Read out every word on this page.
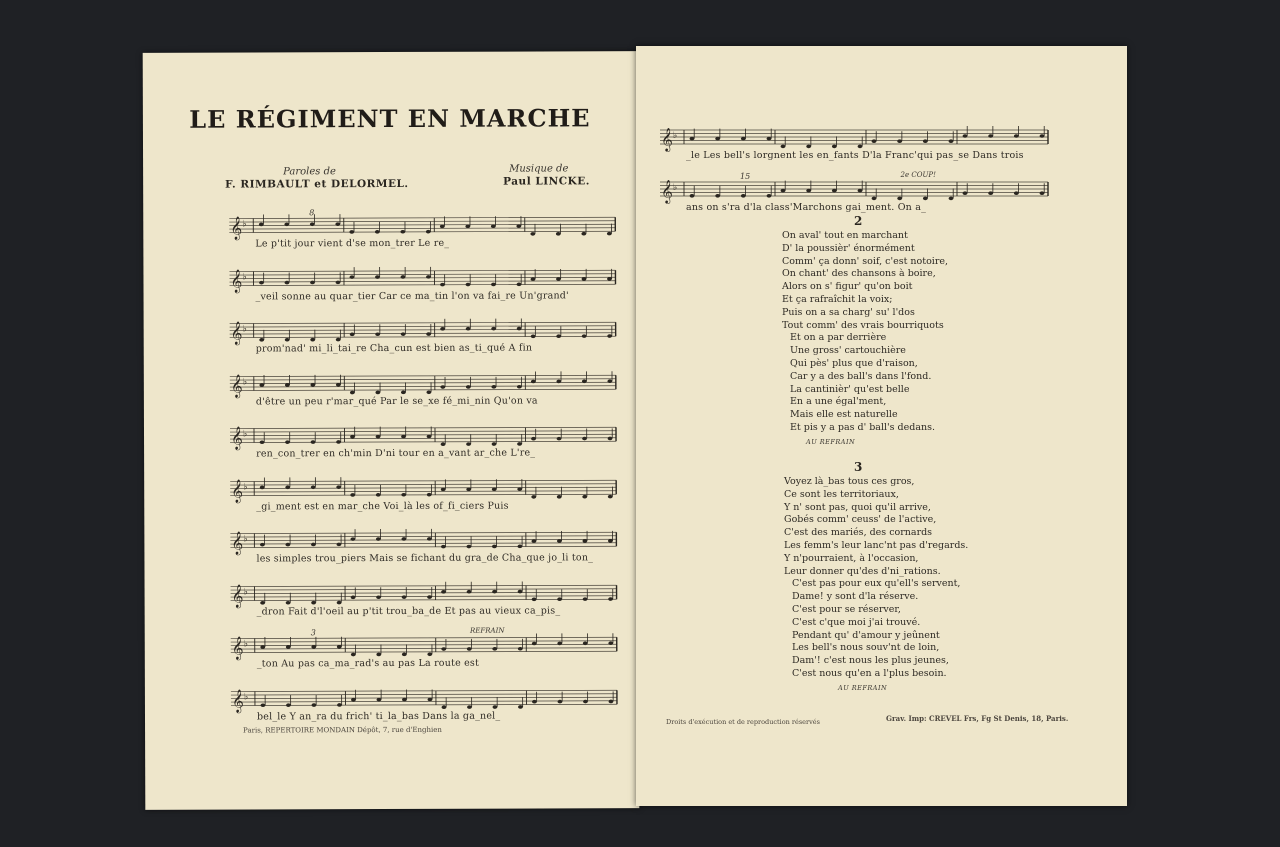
LE RÉGIMENT EN MARCHE
Paroles de
F. RIMBAULT et DELORMEL.
Musique de
Paul LINCKE.
𝄞 ♭
Le p'tit jour vient d'se mon_trer Le re_
8
𝄞 ♭
_veil sonne au quar_tier Car ce ma_tin l'on va fai_re Un'grand'
𝄞 ♭
prom'nad' mi_li_tai_re Cha_cun est bien as_ti_qué A fin
𝄞 ♭
d'être un peu r'mar_qué Par le se_xe fé_mi_nin Qu'on va
𝄞 ♭
ren_con_trer en ch'min D'ni tour en a_vant ar_che L're_
𝄞 ♭
_gi_ment est en mar_che Voi_là les of_fi_ciers Puis
𝄞 ♭
les simples trou_piers Mais se fichant du gra_de Cha_que jo_li ton_
𝄞 ♭
_dron Fait d'l'oeil au p'tit trou_ba_de Et pas au vieux ca_pis_
𝄞 ♭
_ton Au pas ca_ma_rad's au pas La route est
3	REFRAIN
𝄞 ♭
bel_le Y an_ra du frich' ti_la_bas Dans la ga_nel_
Paris, REPERTOIRE MONDAIN Dépôt, 7, rue d'Enghien
𝄞 ♭
_le Les bell's lorgnent les en_fants D'la Franc'qui pas_se Dans trois
𝄞 ♭
ans on s'ra d'la class'Marchons gai_ment. On a_
15	2e COUP!
2
On aval' tout en marchant
D' la poussièr' énormément
Comm' ça donn' soif, c'est notoire,
On chant' des chansons à boire,
Alors on s' figur' qu'on boit
Et ça rafraîchit la voix;
Puis on a sa charg' su' l'dos
Tout comm' des vrais bourriquots
Et on a par derrière
Une gross' cartouchière
Qui pès' plus que d'raison,
Car y a des ball's dans l'fond.
La cantinièr' qu'est belle
En a une égal'ment,
Mais elle est naturelle
Et pis y a pas d' ball's dedans.
AU REFRAIN
3
Voyez là_bas tous ces gros,
Ce sont les territoriaux,
Y n' sont pas, quoi qu'il arrive,
Gobés comm' ceuss' de l'active,
C'est des mariés, des cornards
Les femm's leur lanc'nt pas d'regards.
Y n'pourraient, à l'occasion,
Leur donner qu'des d'ni_rations.
C'est pas pour eux qu'ell's servent,
Dame! y sont d'la réserve.
C'est pour se réserver,
C'est c'que moi j'ai trouvé.
Pendant qu' d'amour y jeûnent
Les bell's nous souv'nt de loin,
Dam'! c'est nous les plus jeunes,
C'est nous qu'en a l'plus besoin.
AU REFRAIN
Droits d'exécution et de reproduction réservés	Grav. Imp: CREVEL Frs, Fg St Denis, 18, Paris.
